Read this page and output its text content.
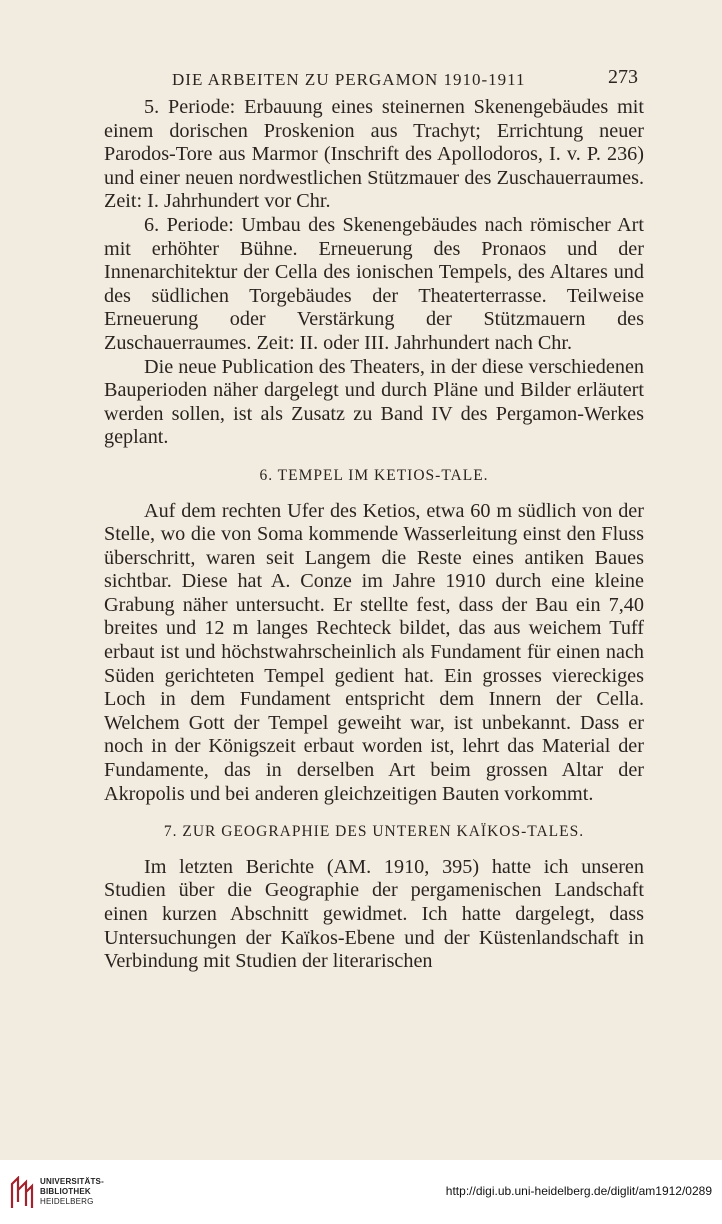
DIE ARBEITEN ZU PERGAMON 1910-1911	273

5. Periode: Erbauung eines steinernen Skenengebäudes mit einem dorischen Proskenion aus Trachyt; Errichtung neuer Parodos-Tore aus Marmor (Inschrift des Apollodoros, I. v. P. 236) und einer neuen nordwestlichen Stützmauer des Zuschauerraumes. Zeit: I. Jahrhundert vor Chr.

6. Periode: Umbau des Skenengebäudes nach römischer Art mit erhöhter Bühne. Erneuerung des Pronaos und der Innenarchitektur der Cella des ionischen Tempels, des Altares und des südlichen Torgebäudes der Theaterterrasse. Teilweise Erneuerung oder Verstärkung der Stützmauern des Zuschauerraumes. Zeit: II. oder III. Jahrhundert nach Chr.

Die neue Publication des Theaters, in der diese verschiedenen Bauperioden näher dargelegt und durch Pläne und Bilder erläutert werden sollen, ist als Zusatz zu Band IV des Pergamon-Werkes geplant.

6. TEMPEL IM KETIOS-TALE.

Auf dem rechten Ufer des Ketios, etwa 60 m südlich von der Stelle, wo die von Soma kommende Wasserleitung einst den Fluss überschritt, waren seit Langem die Reste eines antiken Baues sichtbar. Diese hat A. Conze im Jahre 1910 durch eine kleine Grabung näher untersucht. Er stellte fest, dass der Bau ein 7,40 breites und 12 m langes Rechteck bildet, das aus weichem Tuff erbaut ist und höchstwahrscheinlich als Fundament für einen nach Süden gerichteten Tempel gedient hat. Ein grosses viereckiges Loch in dem Fundament entspricht dem Innern der Cella. Welchem Gott der Tempel geweiht war, ist unbekannt. Dass er noch in der Königszeit erbaut worden ist, lehrt das Material der Fundamente, das in derselben Art beim grossen Altar der Akropolis und bei anderen gleichzeitigen Bauten vorkommt.

7. ZUR GEOGRAPHIE DES UNTEREN KAÏKOS-TALES.

Im letzten Berichte (AM. 1910, 395) hatte ich unseren Studien über die Geographie der pergamenischen Landschaft einen kurzen Abschnitt gewidmet. Ich hatte dargelegt, dass Untersuchungen der Kaïkos-Ebene und der Küstenlandschaft in Verbindung mit Studien der literarischen

UNIVERSITÄTS-
BIBLIOTHEK
HEIDELBERG
http://digi.ub.uni-heidelberg.de/diglit/am1912/0289
